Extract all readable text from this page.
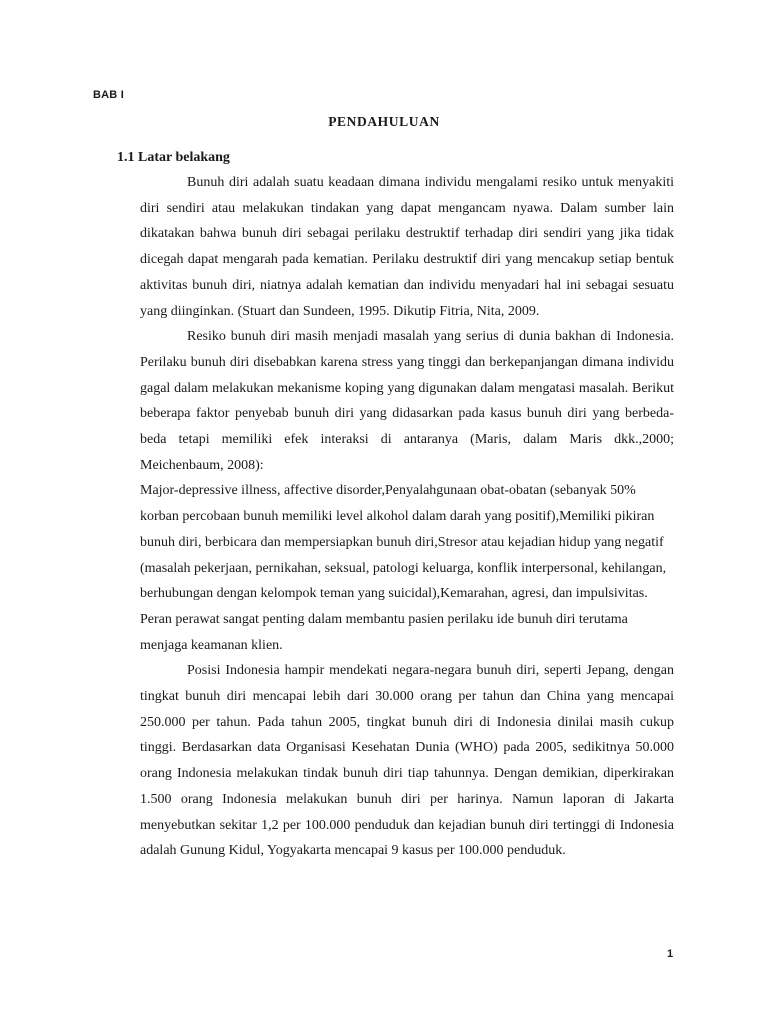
BAB I
PENDAHULUAN
1.1 Latar belakang

Bunuh diri adalah suatu keadaan dimana individu mengalami resiko untuk menyakiti diri sendiri atau melakukan tindakan yang dapat mengancam nyawa. Dalam sumber lain dikatakan bahwa bunuh diri sebagai perilaku destruktif terhadap diri sendiri yang jika tidak dicegah dapat mengarah pada kematian. Perilaku destruktif diri yang mencakup setiap bentuk aktivitas bunuh diri, niatnya adalah kematian dan individu menyadari hal ini sebagai sesuatu yang diinginkan. (Stuart dan Sundeen, 1995. Dikutip Fitria, Nita, 2009.

Resiko bunuh diri masih menjadi masalah yang serius di dunia bakhan di Indonesia. Perilaku bunuh diri disebabkan karena stress yang tinggi dan berkepanjangan dimana individu gagal dalam melakukan mekanisme koping yang digunakan dalam mengatasi masalah. Berikut beberapa faktor penyebab bunuh diri yang didasarkan pada kasus bunuh diri yang berbeda-beda tetapi memiliki efek interaksi di antaranya (Maris, dalam Maris dkk.,2000; Meichenbaum, 2008):

Major-depressive illness, affective disorder,Penyalahgunaan obat-obatan (sebanyak 50% korban percobaan bunuh memiliki level alkohol dalam darah yang positif),Memiliki pikiran bunuh diri, berbicara dan mempersiapkan bunuh diri,Stresor atau kejadian hidup yang negatif (masalah pekerjaan, pernikahan, seksual, patologi keluarga, konflik interpersonal, kehilangan, berhubungan dengan kelompok teman yang suicidal),Kemarahan, agresi, dan impulsivitas. Peran perawat sangat penting dalam membantu pasien perilaku ide bunuh diri terutama menjaga keamanan klien.

Posisi Indonesia hampir mendekati negara-negara bunuh diri, seperti Jepang, dengan tingkat bunuh diri mencapai lebih dari 30.000 orang per tahun dan China yang mencapai 250.000 per tahun. Pada tahun 2005, tingkat bunuh diri di Indonesia dinilai masih cukup tinggi. Berdasarkan data Organisasi Kesehatan Dunia (WHO) pada 2005, sedikitnya 50.000 orang Indonesia melakukan tindak bunuh diri tiap tahunnya. Dengan demikian, diperkirakan 1.500 orang Indonesia melakukan bunuh diri per harinya. Namun laporan di Jakarta menyebutkan sekitar 1,2 per 100.000 penduduk dan kejadian bunuh diri tertinggi di Indonesia adalah Gunung Kidul, Yogyakarta mencapai 9 kasus per 100.000 penduduk.

1
